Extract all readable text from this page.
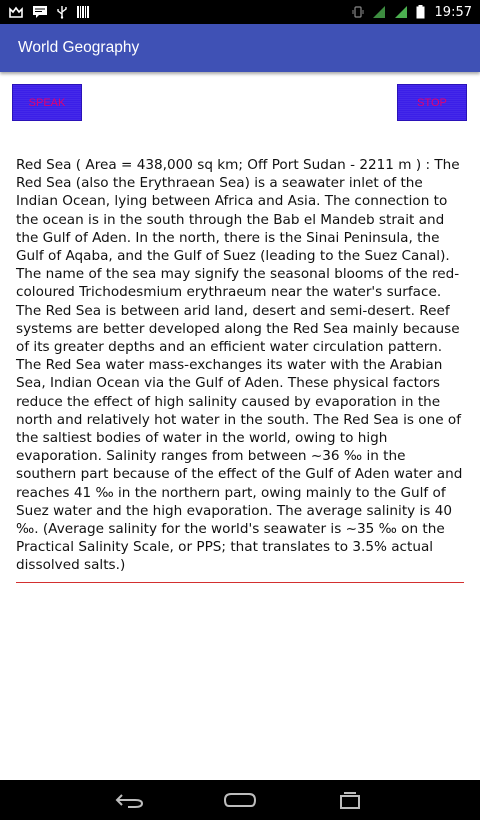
19:57
World Geography
SPEAK	STOP
Red Sea ( Area = 438,000 sq km; Off Port Sudan - 2211 m ) : The Red Sea (also the Erythraean Sea) is a seawater inlet of the Indian Ocean, lying between Africa and Asia. The connection to the ocean is in the south through the Bab el Mandeb strait and the Gulf of Aden. In the north, there is the Sinai Peninsula, the Gulf of Aqaba, and the Gulf of Suez (leading to the Suez Canal). The name of the sea may signify the seasonal blooms of the red-coloured Trichodesmium erythraeum near the water's surface. The Red Sea is between arid land, desert and semi-desert. Reef systems are better developed along the Red Sea mainly because of its greater depths and an efficient water circulation pattern. The Red Sea water mass-exchanges its water with the Arabian Sea, Indian Ocean via the Gulf of Aden. These physical factors reduce the effect of high salinity caused by evaporation in the north and relatively hot water in the south. The Red Sea is one of the saltiest bodies of water in the world, owing to high evaporation. Salinity ranges from between ~36 ‰ in the southern part because of the effect of the Gulf of Aden water and reaches 41 ‰ in the northern part, owing mainly to the Gulf of Suez water and the high evaporation. The average salinity is 40 ‰. (Average salinity for the world's seawater is ~35 ‰ on the Practical Salinity Scale, or PPS; that translates to 3.5% actual dissolved salts.)
